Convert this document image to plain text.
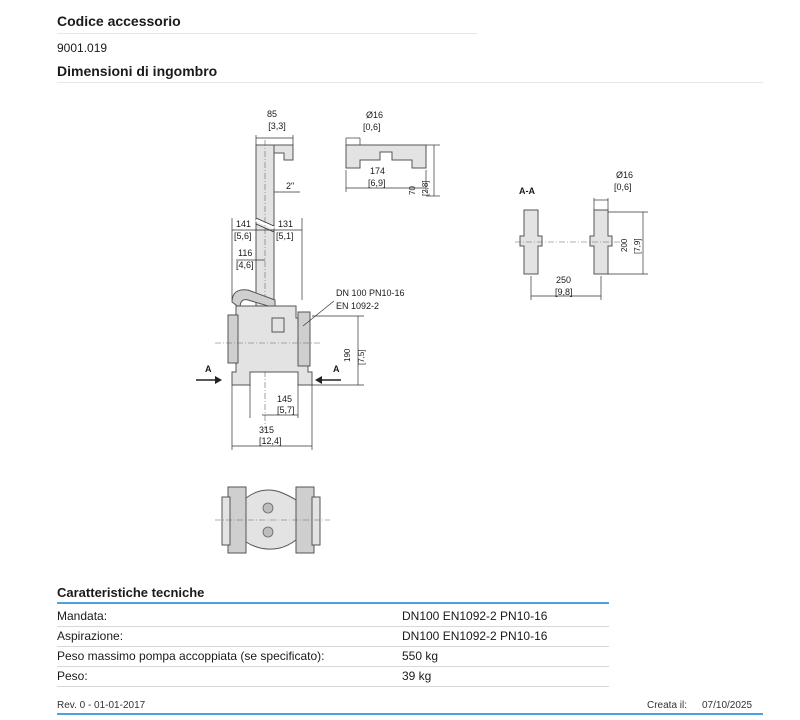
Codice accessorio
9001.019
Dimensioni di ingombro
A	A
85
[3,3]
2"
141
[5,6]
131
[5,1]
116
[4,6]
DN 100 PN10-16
EN 1092-2
190 [7,5]
145
[5,7]
315
[12,4]
Ø16
[0,6]
174
[6,9]
70 [2,8]	A-A
Ø16
[0,6]
200 [7,9]
250
[9,8]
Caratteristiche tecniche
Mandata:	DN100 EN1092-2 PN10-16
Aspirazione:	DN100 EN1092-2 PN10-16
Peso massimo pompa accoppiata (se specificato):	550 kg
Peso:	39 kg
Rev. 0 - 01-01-2017	Creata il: 07/10/2025
